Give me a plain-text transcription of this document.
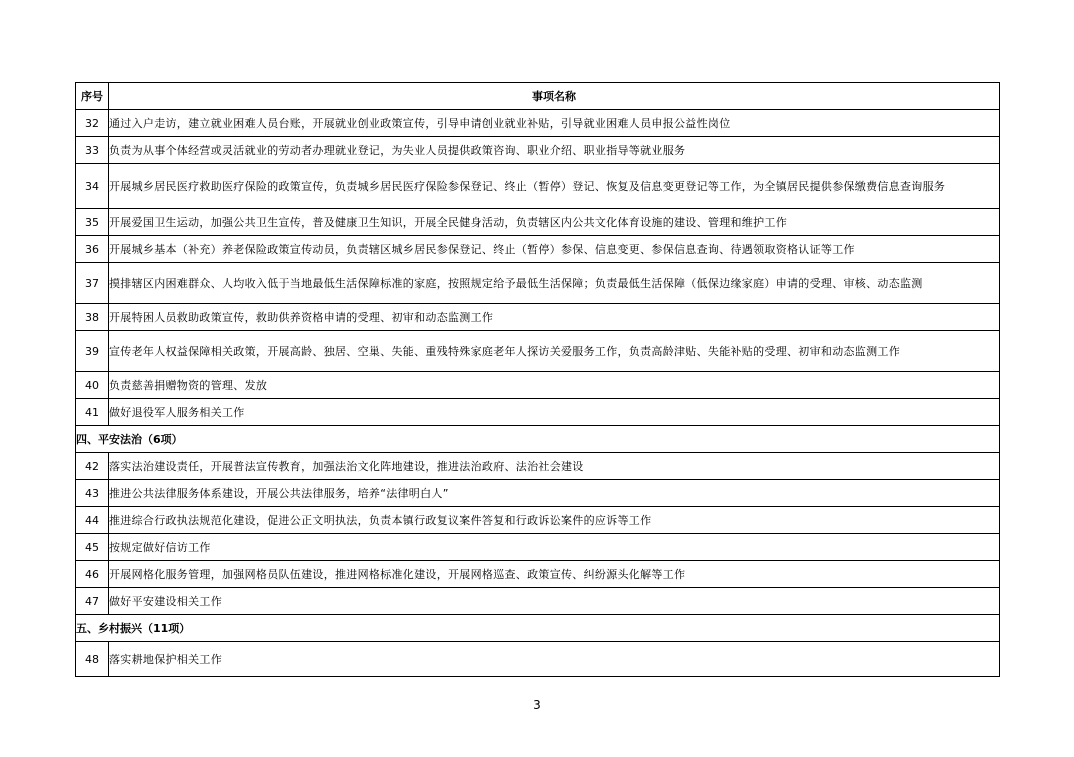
序号	事项名称
32	通过入户走访，建立就业困难人员台账，开展就业创业政策宣传，引导申请创业就业补贴，引导就业困难人员申报公益性岗位
33	负责为从事个体经营或灵活就业的劳动者办理就业登记，为失业人员提供政策咨询、职业介绍、职业指导等就业服务
34	开展城乡居民医疗救助医疗保险的政策宣传，负责城乡居民医疗保险参保登记、终止（暂停）登记、恢复及信息变更登记等工作，为全镇居民提供参保缴费信息查询服务
35	开展爱国卫生运动，加强公共卫生宣传，普及健康卫生知识，开展全民健身活动，负责辖区内公共文化体育设施的建设、管理和维护工作
36	开展城乡基本（补充）养老保险政策宣传动员，负责辖区城乡居民参保登记、终止（暂停）参保、信息变更、参保信息查询、待遇领取资格认证等工作
37	摸排辖区内困难群众、人均收入低于当地最低生活保障标准的家庭，按照规定给予最低生活保障；负责最低生活保障（低保边缘家庭）申请的受理、审核、动态监测
38	开展特困人员救助政策宣传，救助供养资格申请的受理、初审和动态监测工作
39	宣传老年人权益保障相关政策，开展高龄、独居、空巢、失能、重残特殊家庭老年人探访关爱服务工作，负责高龄津贴、失能补贴的受理、初审和动态监测工作
40	负责慈善捐赠物资的管理、发放
41	做好退役军人服务相关工作
四、平安法治（6项）	
42	落实法治建设责任，开展普法宣传教育，加强法治文化阵地建设，推进法治政府、法治社会建设
43	推进公共法律服务体系建设，开展公共法律服务，培养“法律明白人”
44	推进综合行政执法规范化建设，促进公正文明执法，负责本镇行政复议案件答复和行政诉讼案件的应诉等工作
45	按规定做好信访工作
46	开展网格化服务管理，加强网格员队伍建设，推进网格标准化建设，开展网格巡查、政策宣传、纠纷源头化解等工作
47	做好平安建设相关工作
五、乡村振兴（11项）	
48	落实耕地保护相关工作
3
